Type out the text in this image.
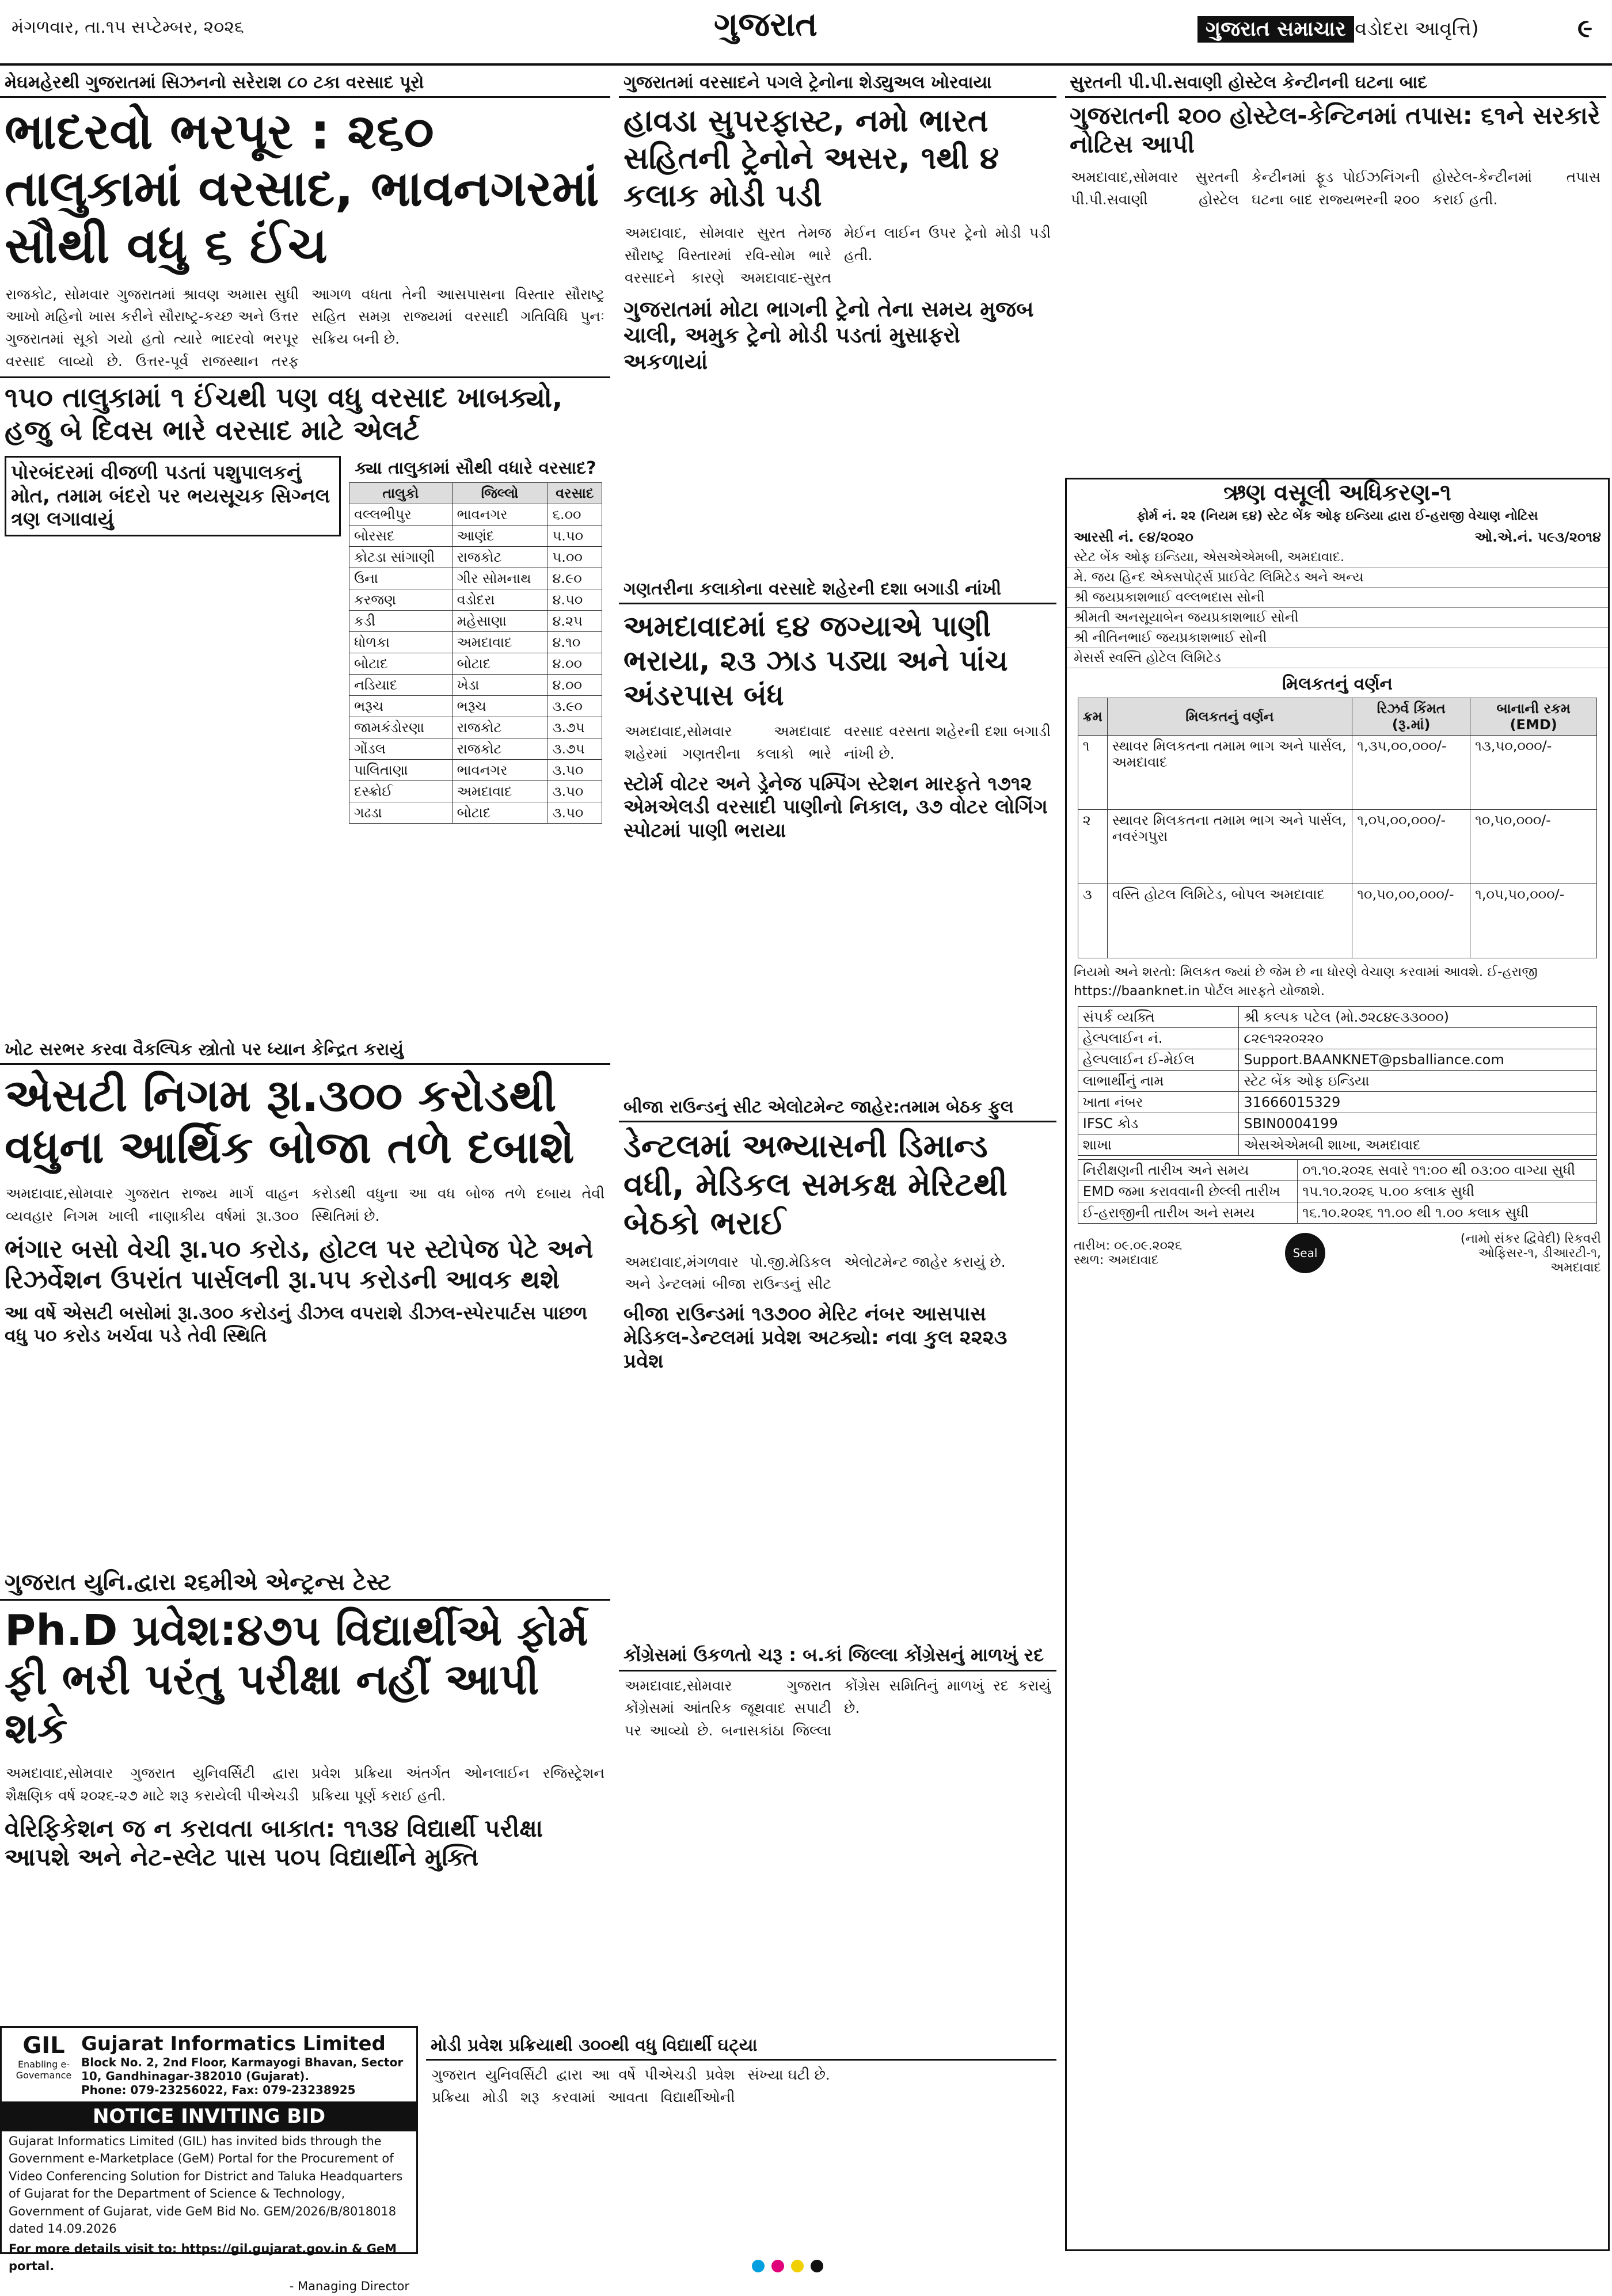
મંગળવાર, તા.૧૫ સપ્ટેમ્બર, ૨૦૨૬	ગુજરાત	ગુજરાત સમાચાર (વડોદરા આવૃત્તિ)	૯
મેઘમહેરથી ગુજરાતમાં સિઝનનો સરેરાશ ૮૦ ટકા વરસાદ પૂરો
ભાદરવો ભરપૂર : ૨૬૦ તાલુકામાં વરસાદ, ભાવનગરમાં સૌથી વધુ ૬ ઈંચ
રાજકોટ, સોમવાર ગુજરાતમાં શ્રાવણ અમાસ સુધી આખો મહિનો ખાસ કરીને સૌરાષ્ટ્ર-કચ્છ અને ઉત્તર ગુજરાતમાં સૂકો ગયો હતો ત્યારે ભાદરવો ભરપૂર વરસાદ લાવ્યો છે. ઉત્તર-પૂર્વ રાજસ્થાન તરફ આગળ વધતા તેની આસપાસના વિસ્તાર સૌરાષ્ટ્ર સહિત સમગ્ર રાજ્યમાં વરસાદી ગતિવિધિ પુનઃ સક્રિય બની છે.
૧૫૦ તાલુકામાં ૧ ઈંચથી પણ વધુ વરસાદ ખાબક્યો, હજુ બે દિવસ ભારે વરસાદ માટે એલર્ટ
પોરબંદરમાં વીજળી પડતાં પશુપાલકનું મોત, તમામ બંદરો પર ભયસૂચક સિગ્નલ ત્રણ લગાવાયું
ક્યા તાલુકામાં સૌથી વધારે વરસાદ?
તાલુકો	જિલ્લો	વરસાદ
વલ્લભીપુર	ભાવનગર	૬.૦૦
બોરસદ	આણંદ	૫.૫૦
કોટડા સાંગાણી	રાજકોટ	૫.૦૦
ઉના	ગીર સોમનાથ	૪.૯૦
કરજણ	વડોદરા	૪.૫૦
કડી	મહેસાણા	૪.૨૫
ધોળકા	અમદાવાદ	૪.૧૦
બોટાદ	બોટાદ	૪.૦૦
નડિયાદ	ખેડા	૪.૦૦
ભરૂચ	ભરૂચ	૩.૯૦
જામકંડોરણા	રાજકોટ	૩.૭૫
ગોંડલ	રાજકોટ	૩.૭૫
પાલિતાણા	ભાવનગર	૩.૫૦
દસ્ક્રોઈ	અમદાવાદ	૩.૫૦
ગઢડા	બોટાદ	૩.૫૦
ગુજરાતમાં વરસાદને પગલે ટ્રેનોના શેડ્યુઅલ ખોરવાયા
હાવડા સુપરફાસ્ટ, નમો ભારત સહિતની ટ્રેનોને અસર, ૧થી ૪ કલાક મોડી પડી
અમદાવાદ, સોમવાર સુરત તેમજ સૌરાષ્ટ્ર વિસ્તારમાં રવિ-સોમ ભારે વરસાદને કારણે અમદાવાદ-સુરત મેઈન લાઈન ઉપર ટ્રેનો મોડી પડી હતી.
ગુજરાતમાં મોટા ભાગની ટ્રેનો તેના સમય મુજબ ચાલી, અમુક ટ્રેનો મોડી પડતાં મુસાફરો અકળાયાં
સુરતની પી.પી.સવાણી હોસ્ટેલ કેન્ટીનની ઘટના બાદ
ગુજરાતની ૨૦૦ હોસ્ટેલ-કેન્ટિનમાં તપાસ: ૬૧ને સરકારે નોટિસ આપી
અમદાવાદ,સોમવાર સુરતની પી.પી.સવાણી હોસ્ટેલ કેન્ટીનમાં ફૂડ પોઈઝનિંગની ઘટના બાદ રાજ્યભરની ૨૦૦ હોસ્ટેલ-કેન્ટીનમાં તપાસ કરાઈ હતી.
ગણતરીના કલાકોના વરસાદે શહેરની દશા બગાડી નાંખી
અમદાવાદમાં ૬૪ જગ્યાએ પાણી ભરાયા, ૨૩ ઝાડ પડ્યા અને પાંચ અંડરપાસ બંધ
અમદાવાદ,સોમવાર અમદાવાદ શહેરમાં ગણતરીના કલાકો ભારે વરસાદ વરસતા શહેરની દશા બગાડી નાંખી છે.
સ્ટોર્મ વોટર અને ડ્રેનેજ પમ્પિંગ સ્ટેશન મારફતે ૧૭૧૨ એમએલડી વરસાદી પાણીનો નિકાલ, ૩૭ વોટર લોગિંગ સ્પોટમાં પાણી ભરાયા
ખોટ સરભર કરવા વૈકલ્પિક સ્ત્રોતો પર ધ્યાન કેન્દ્રિત કરાયું
એસટી નિગમ રૂા.૩૦૦ કરોડથી વધુના આર્થિક બોજા તળે દબાશે
અમદાવાદ,સોમવાર ગુજરાત રાજ્ય માર્ગ વાહન વ્યવહાર નિગમ ખાલી નાણાકીય વર્ષમાં રૂા.૩૦૦ કરોડથી વધુના આ વધ બોજ તળે દબાય તેવી સ્થિતિમાં છે.
ભંગાર બસો વેચી રૂા.૫૦ કરોડ, હોટલ પર સ્ટોપેજ પેટે અને રિઝર્વેશન ઉપરાંત પાર્સલની રૂા.૫૫ કરોડની આવક થશે
આ વર્ષે એસટી બસોમાં રૂા.૩૦૦ કરોડનું ડીઝલ વપરાશે ડીઝલ-સ્પેરપાર્ટસ પાછળ વધુ ૫૦ કરોડ ખર્ચવા પડે તેવી સ્થિતિ
બીજા રાઉન્ડનું સીટ એલોટમેન્ટ જાહેર:તમામ બેઠક ફુલ
ડેન્ટલમાં અભ્યાસની ડિમાન્ડ વધી, મેડિકલ સમકક્ષ મેરિટથી બેઠકો ભરાઈ
અમદાવાદ,મંગળવાર પો.જી.મેડિકલ અને ડેન્ટલમાં બીજા રાઉન્ડનું સીટ એલોટમેન્ટ જાહેર કરાયું છે.
બીજા રાઉન્ડમાં ૧૩૭૦૦ મેરિટ નંબર આસપાસ મેડિકલ-ડેન્ટલમાં પ્રવેશ અટક્યો: નવા કુલ ૨૨૨૩ પ્રવેશ
ગુજરાત યુનિ.દ્વારા ૨૬મીએ એન્ટ્રન્સ ટેસ્ટ
Ph.D પ્રવેશ:૪૭૫ વિદ્યાર્થીએ ફોર્મ ફી ભરી પરંતુ પરીક્ષા નહીં આપી શકે
અમદાવાદ,સોમવાર ગુજરાત યુનિવર્સિટી દ્વારા શૈક્ષણિક વર્ષ ૨૦૨૬-૨૭ માટે શરૂ કરાયેલી પીએચડી પ્રવેશ પ્રક્રિયા અંતર્ગત ઓનલાઈન રજિસ્ટ્રેશન પ્રક્રિયા પૂર્ણ કરાઈ હતી.
વેરિફિકેશન જ ન કરાવતા બાકાત: ૧૧૩૪ વિદ્યાર્થી પરીક્ષા આપશે અને નેટ-સ્લેટ પાસ ૫૦૫ વિદ્યાર્થીને મુક્તિ
કોંગ્રેસમાં ઉકળતો ચરૂ : બ.કાં જિલ્લા કોંગ્રેસનું માળખું રદ
અમદાવાદ,સોમવાર ગુજરાત કોંગ્રેસમાં આંતરિક જૂથવાદ સપાટી પર આવ્યો છે. બનાસકાંઠા જિલ્લા કોંગ્રેસ સમિતિનું માળખું રદ કરાયું છે.
મોડી પ્રવેશ પ્રક્રિયાથી ૩૦૦થી વધુ વિદ્યાર્થી ઘટ્યા
ગુજરાત યુનિવર્સિટી દ્વારા આ વર્ષે પીએચડી પ્રવેશ પ્રક્રિયા મોડી શરૂ કરવામાં આવતા વિદ્યાર્થીઓની સંખ્યા ઘટી છે.
GIL
Enabling e-Governance
Gujarat Informatics Limited
Block No. 2, 2nd Floor, Karmayogi Bhavan, Sector 10, Gandhinagar-382010 (Gujarat).
Phone: 079-23256022, Fax: 079-23238925
NOTICE INVITING BID
Gujarat Informatics Limited (GIL) has invited bids through the Government e-Marketplace (GeM) Portal for the Procurement of Video Conferencing Solution for District and Taluka Headquarters of Gujarat for the Department of Science & Technology, Government of Gujarat, vide GeM Bid No. GEM/2026/B/8018018 dated 14.09.2026
For more details visit to: https://gil.gujarat.gov.in & GeM portal.
- Managing Director
ઋણ વસૂલી અધિકરણ-૧
ફોર્મ નં. ૨૨ (નિયમ ૬૪) સ્ટેટ બેંક ઓફ ઇન્ડિયા દ્વારા ઈ-હરાજી વેચાણ નોટિસ
આરસી નં. ૯૪/૨૦૨૦	ઓ.એ.નં. ૫૯૩/૨૦૧૪
સ્ટેટ બેંક ઓફ ઇન્ડિયા, એસએએમબી, અમદાવાદ.
મે. જય હિન્દ એક્સપોર્ટ્સ પ્રાઈવેટ લિમિટેડ અને અન્ય
શ્રી જયપ્રકાશભાઈ વલ્લભદાસ સોની
શ્રીમતી અનસૂયાબેન જયપ્રકાશભાઈ સોની
શ્રી નીતિનભાઈ જયપ્રકાશભાઈ સોની
મેસર્સ સ્વસ્તિ હોટેલ લિમિટેડ
મિલકતનું વર્ણન
ક્રમ	મિલકતનું વર્ણન	રિઝર્વ કિંમત (રૂ.માં)	બાનાની રકમ (EMD)
૧	સ્થાવર મિલકતના તમામ ભાગ અને પાર્સલ, અમદાવાદ	૧,૩૫,૦૦,૦૦૦/-	૧૩,૫૦,૦૦૦/-
૨	સ્થાવર મિલકતના તમામ ભાગ અને પાર્સલ, નવરંગપુરા	૧,૦૫,૦૦,૦૦૦/-	૧૦,૫૦,૦૦૦/-
૩	વસ્તિ હોટલ લિમિટેડ, બોપલ અમદાવાદ	૧૦,૫૦,૦૦,૦૦૦/-	૧,૦૫,૫૦,૦૦૦/-
નિયમો અને શરતો: મિલકત જ્યાં છે જેમ છે ના ધોરણે વેચાણ કરવામાં આવશે. ઈ-હરાજી https://baanknet.in પોર્ટલ મારફતે યોજાશે.
સંપર્ક વ્યક્તિ	શ્રી કલ્પક પટેલ (મો.૭૨૮૪૯૩૩૦૦૦)
હેલ્પલાઈન નં.	૮૨૯૧૨૨૦૨૨૦
હેલ્પલાઈન ઈ-મેઈલ	Support.BAANKNET@psballiance.com
લાભાર્થીનું નામ	સ્ટેટ બેંક ઓફ ઇન્ડિયા
ખાતા નંબર	31666015329
IFSC કોડ	SBIN0004199
શાખા	એસએએમબી શાખા, અમદાવાદ
નિરીક્ષણની તારીખ અને સમય	૦૧.૧૦.૨૦૨૬ સવારે ૧૧:૦૦ થી ૦૩:૦૦ વાગ્યા સુધી
EMD જમા કરાવવાની છેલ્લી તારીખ	૧૫.૧૦.૨૦૨૬ ૫.૦૦ કલાક સુધી
ઈ-હરાજીની તારીખ અને સમય	૧૬.૧૦.૨૦૨૬ ૧૧.૦૦ થી ૧.૦૦ કલાક સુધી
તારીખ: ૦૯.૦૯.૨૦૨૬
સ્થળ: અમદાવાદ	Seal
(નામો સંકર દ્વિવેદી) રિકવરી ઓફિસર-૧, ડીઆરટી-૧, અમદાવાદ
